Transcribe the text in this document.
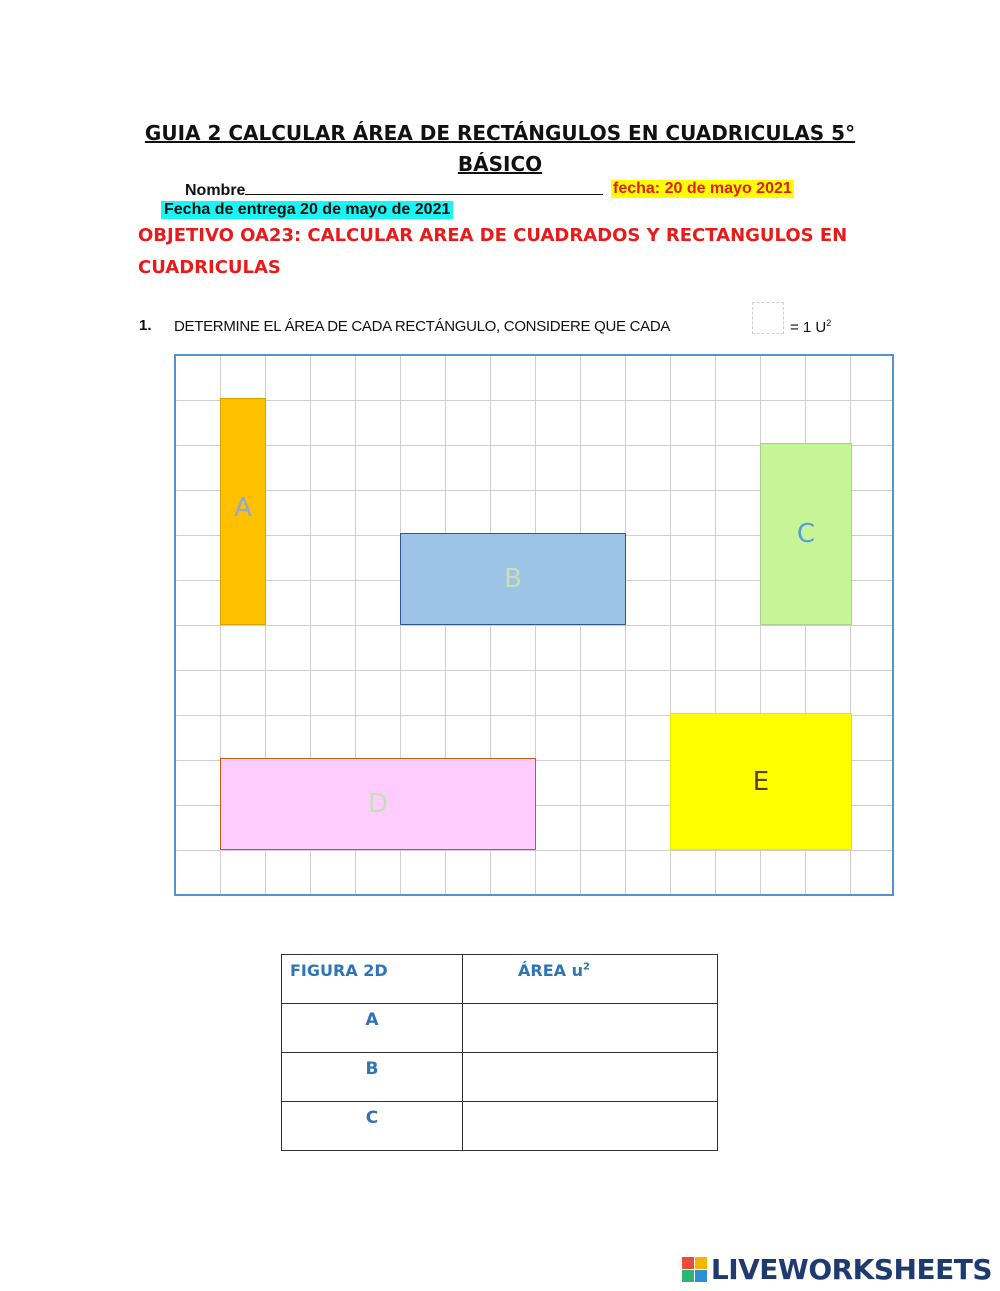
GUIA 2 CALCULAR ÁREA DE RECTÁNGULOS EN CUADRICULAS 5°
BÁSICO
Nombre	fecha: 20 de mayo 2021
Fecha de entrega 20 de mayo de 2021
OBJETIVO OA23: CALCULAR AREA DE CUADRADOS Y RECTANGULOS EN CUADRICULAS
1. DETERMINE EL ÁREA DE CADA RECTÁNGULO, CONSIDERE QUE CADA	= 1 $U^2$
A
B
C
D
E
FIGURA 2D	ÁREA $u^2$

A	

B	

C	

LIVEWORKSHEETS
